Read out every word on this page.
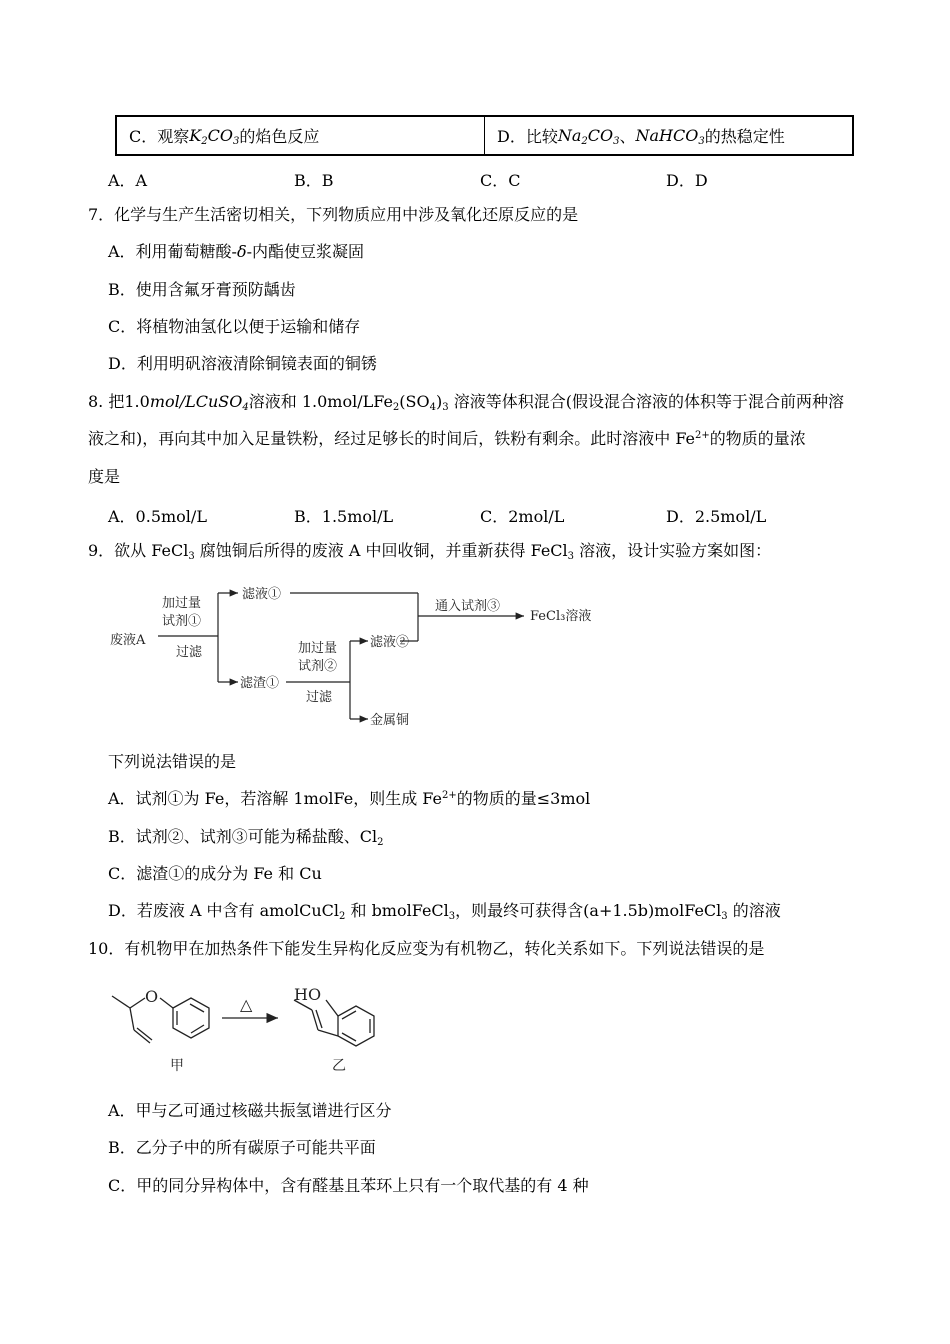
C．观察 $K_2CO_3$ 的焰色反应	D．比较 $Na_2CO_3$ 、 NaHCO$_3$ 的热稳定性
A．A	B．B	C．C	D．D
7．化学与生产生活密切相关，下列物质应用中涉及氧化还原反应的是
A．利用葡萄糖酸-δ-内酯使豆浆凝固
B．使用含氟牙膏预防龋齿
C．将植物油氢化以便于运输和储存
D．利用明矾溶液清除铜镜表面的铜锈
8. 把1.0mol/LCuSO$_4$溶液和 $1.0mol/LFe_2(SO_4)_3$ 溶液等体积混合(假设混合溶液的体积等于混合前两种溶
液之和)，再向其中加入足量铁粉，经过足够长的时间后，铁粉有剩余。此时溶液中 $Fe^{2+}$的物质的量浓
度是
A．0.5mol/L	B．1.5mol/L	C．2mol/L	D．2.5mol/L
9．欲从 FeCl$_3$ 腐蚀铜后所得的废液 A 中回收铜，并重新获得 FeCl$_3$ 溶液，设计实验方案如图：
废液A
加过量
试剂①
过滤
滤液①
滤渣①
通入试剂③
FeCl₃溶液
加过量
试剂②
过滤
滤液②
金属铜
下列说法错误的是
A．试剂①为 Fe，若溶解 1molFe，则生成 $Fe^{2+}$的物质的量≤3mol
B．试剂②、试剂③可能为稀盐酸、$Cl_2$
C．滤渣①的成分为 Fe 和 Cu
D．若废液 A 中含有 amolCuCl$_2$ 和 bmolFeCl$_3$，则最终可获得含(a+1.5b)molFeCl$_3$ 的溶液
10．有机物甲在加热条件下能发生异构化反应变为有机物乙，转化关系如下。下列说法错误的是
O
甲
△
HO
乙
A．甲与乙可通过核磁共振氢谱进行区分
B．乙分子中的所有碳原子可能共平面
C．甲的同分异构体中，含有醛基且苯环上只有一个取代基的有 4 种
